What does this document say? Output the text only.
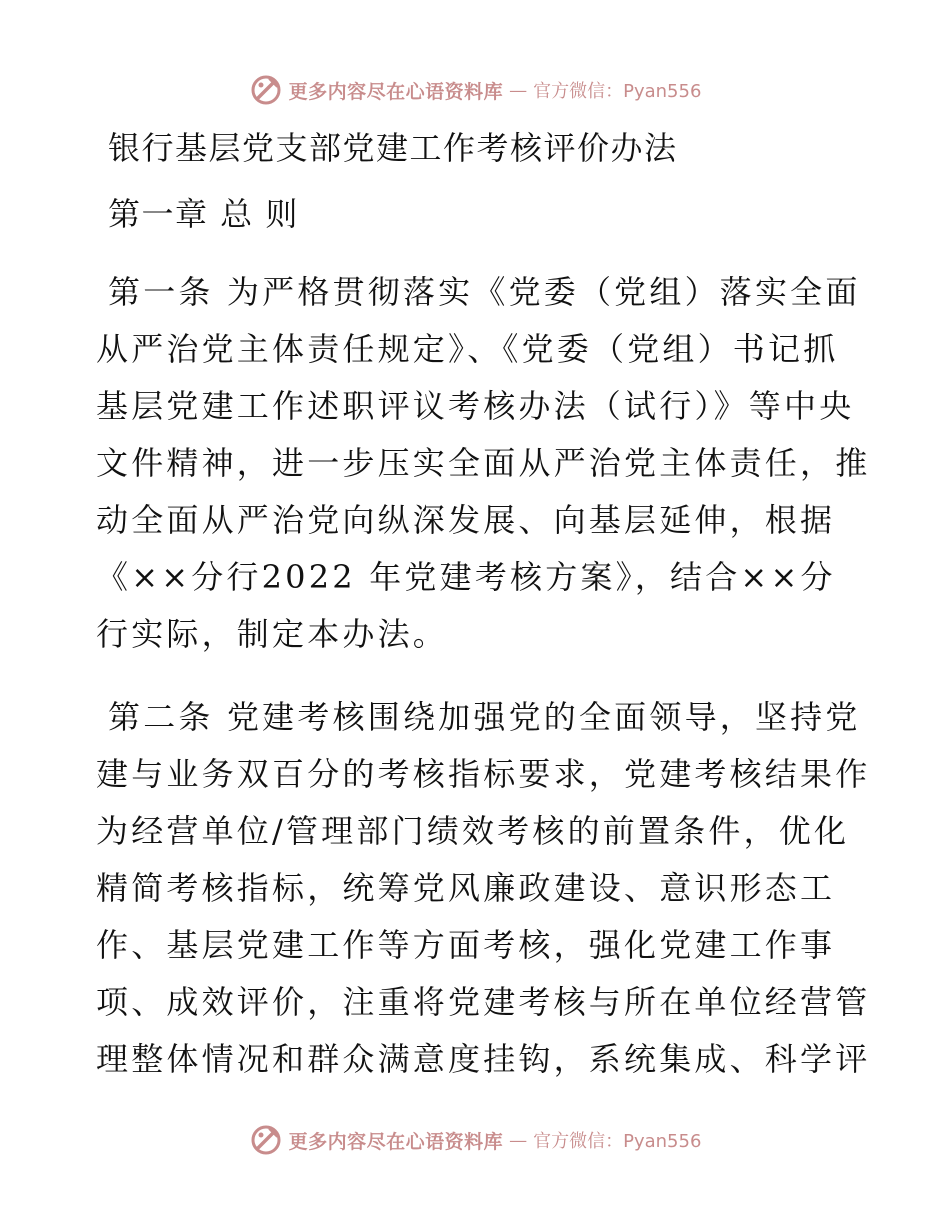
更多内容尽在心语资料库 — 官方微信：Pyan556
银行基层党支部党建工作考核评价办法
第一章 总 则

第一条 为严格贯彻落实《党委（党组）落实全面
从严治党主体责任规定》、《党委（党组）书记抓
基层党建工作述职评议考核办法（试行）》等中央
文件精神，进一步压实全面从严治党主体责任，推
动全面从严治党向纵深发展、向基层延伸，根据
《××分行2022 年党建考核方案》，结合××分
行实际，制定本办法。

第二条 党建考核围绕加强党的全面领导，坚持党
建与业务双百分的考核指标要求，党建考核结果作
为经营单位/管理部门绩效考核的前置条件，优化
精简考核指标，统筹党风廉政建设、意识形态工
作、基层党建工作等方面考核，强化党建工作事
项、成效评价，注重将党建考核与所在单位经营管
理整体情况和群众满意度挂钩，系统集成、科学评

更多内容尽在心语资料库 — 官方微信：Pyan556
